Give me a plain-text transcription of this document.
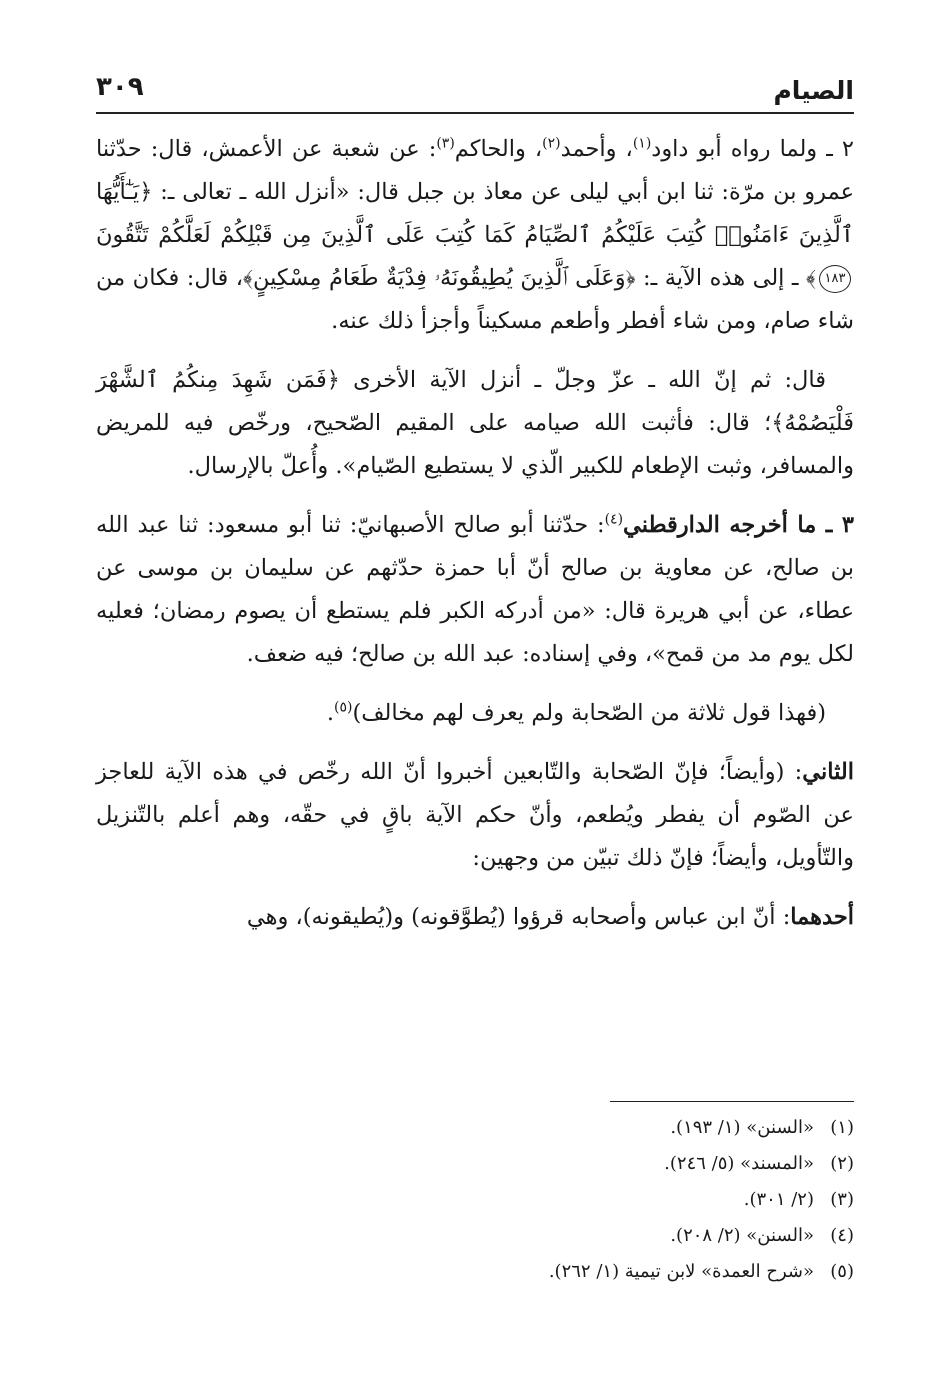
٣٠٩	الصيام

٢ ـ ولما رواه أبو داود$^{(١)}$، وأحمد$^{(٢)}$، والحاكم$^{(٣)}$: عن شعبة عن الأعمش، قال: حدّثنا عمرو بن مرّة: ثنا ابن أبي ليلى عن معاذ بن جبل قال: «أنزل الله ـ تعالى ـ: ﴿يَـٰٓأَيُّهَا ٱلَّذِينَ ءَامَنُوا۟ كُتِبَ عَلَيْكُمُ ٱلصِّيَامُ كَمَا كُتِبَ عَلَى ٱلَّذِينَ مِن قَبْلِكُمْ لَعَلَّكُمْ تَتَّقُونَ ١٨٣﴾ ـ إلى هذه الآية ـ: ﴿وَعَلَى ٱلَّذِينَ يُطِيقُونَهُۥ فِدْيَةٌ طَعَامُ مِسْكِينٍ﴾، قال: فكان من شاء صام، ومن شاء أفطر وأطعم مسكيناً وأجزأ ذلك عنه.

قال: ثم إنّ الله ـ عزّ وجلّ ـ أنزل الآية الأخرى ﴿فَمَن شَهِدَ مِنكُمُ ٱلشَّهْرَ فَلْيَصُمْهُ﴾؛ قال: فأثبت الله صيامه على المقيم الصّحيح، ورخّص فيه للمريض والمسافر، وثبت الإطعام للكبير الّذي لا يستطيع الصّيام». وأُعلّ بالإرسال.

٣ ـ ما أخرجه الدارقطني$^{(٤)}$: حدّثنا أبو صالح الأصبهانيّ: ثنا أبو مسعود: ثنا عبد الله بن صالح، عن معاوية بن صالح أنّ أبا حمزة حدّثهم عن سليمان بن موسى عن عطاء، عن أبي هريرة قال: «من أدركه الكبر فلم يستطع أن يصوم رمضان؛ فعليه لكل يوم مد من قمح»، وفي إسناده: عبد الله بن صالح؛ فيه ضعف.

(فهذا قول ثلاثة من الصّحابة ولم يعرف لهم مخالف)$^{(٥)}$.

الثاني: (وأيضاً؛ فإنّ الصّحابة والتّابعين أخبروا أنّ الله رخّص في هذه الآية للعاجز عن الصّوم أن يفطر ويُطعم، وأنّ حكم الآية باقٍ في حقّه، وهم أعلم بالتّنزيل والتّأويل، وأيضاً؛ فإنّ ذلك تبيّن من وجهين:

أحدهما: أنّ ابن عباس وأصحابه قرؤوا (يُطوَّقونه) و(يُطيقونه)، وهي

(١)«السنن» (١/ ١٩٣).
(٢)«المسند» (٥/ ٢٤٦).
(٣)(٢/ ٣٠١).
(٤)«السنن» (٢/ ٢٠٨).
(٥)«شرح العمدة» لابن تيمية (١/ ٢٦٢).
